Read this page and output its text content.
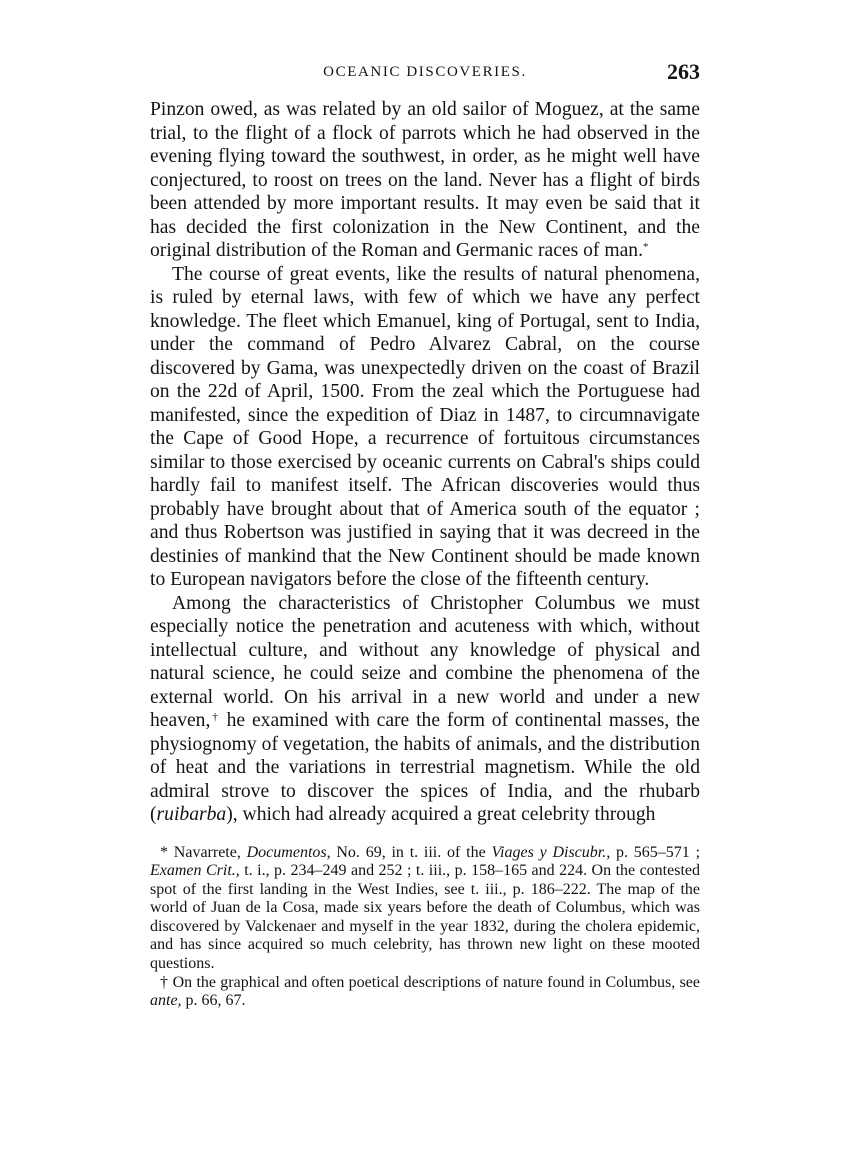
OCEANIC DISCOVERIES.	263

Pinzon owed, as was related by an old sailor of Moguez, at the same trial, to the flight of a flock of parrots which he had observed in the evening flying toward the southwest, in order, as he might well have conjectured, to roost on trees on the land. Never has a flight of birds been attended by more important results. It may even be said that it has decided the first colonization in the New Continent, and the original distribution of the Roman and Germanic races of man.*

The course of great events, like the results of natural phenomena, is ruled by eternal laws, with few of which we have any perfect knowledge. The fleet which Emanuel, king of Portugal, sent to India, under the command of Pedro Alvarez Cabral, on the course discovered by Gama, was unexpectedly driven on the coast of Brazil on the 22d of April, 1500. From the zeal which the Portuguese had manifested, since the expedition of Diaz in 1487, to circumnavigate the Cape of Good Hope, a recurrence of fortuitous circumstances similar to those exercised by oceanic currents on Cabral's ships could hardly fail to manifest itself. The African discoveries would thus probably have brought about that of America south of the equator ; and thus Robertson was justified in saying that it was decreed in the destinies of mankind that the New Continent should be made known to European navigators before the close of the fifteenth century.

Among the characteristics of Christopher Columbus we must especially notice the penetration and acuteness with which, without intellectual culture, and without any knowledge of physical and natural science, he could seize and combine the phenomena of the external world. On his arrival in a new world and under a new heaven,† he examined with care the form of continental masses, the physiognomy of vegetation, the habits of animals, and the distribution of heat and the variations in terrestrial magnetism. While the old admiral strove to discover the spices of India, and the rhubarb (ruibarba), which had already acquired a great celebrity through

* Navarrete, Documentos, No. 69, in t. iii. of the Viages y Discubr., p. 565–571 ; Examen Crit., t. i., p. 234–249 and 252 ; t. iii., p. 158–165 and 224. On the contested spot of the first landing in the West Indies, see t. iii., p. 186–222. The map of the world of Juan de la Cosa, made six years before the death of Columbus, which was discovered by Valckenaer and myself in the year 1832, during the cholera epidemic, and has since acquired so much celebrity, has thrown new light on these mooted questions.

† On the graphical and often poetical descriptions of nature found in Columbus, see ante, p. 66, 67.
